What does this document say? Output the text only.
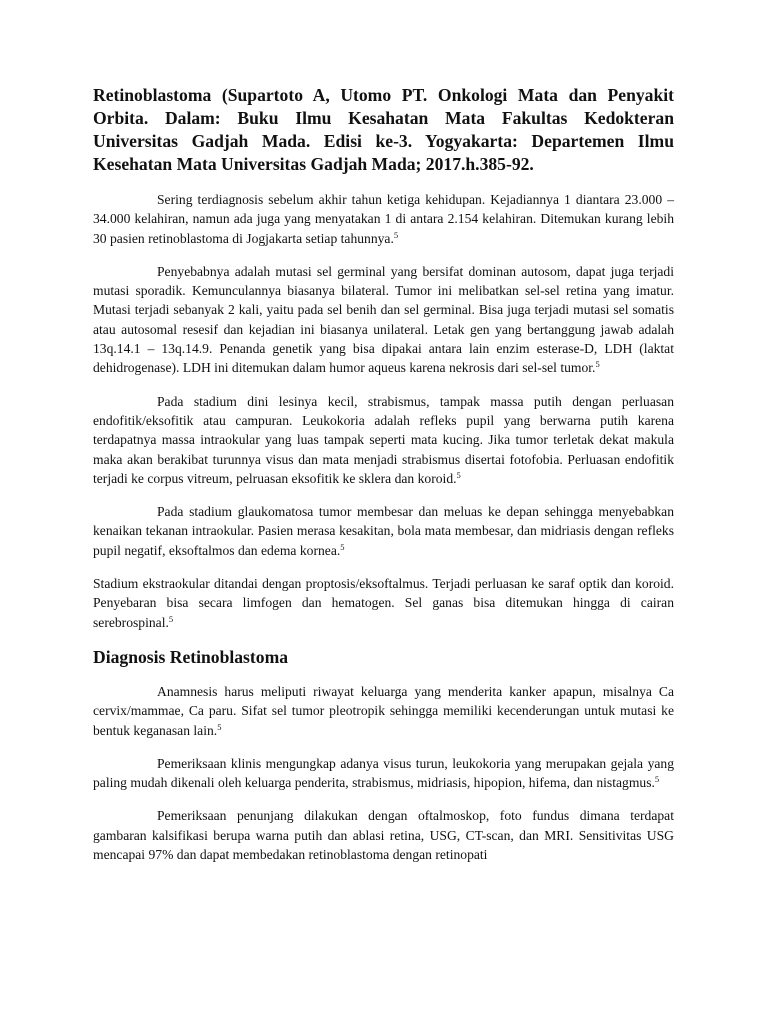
Retinoblastoma (Supartoto A, Utomo PT. Onkologi Mata dan Penyakit Orbita. Dalam: Buku Ilmu Kesahatan Mata Fakultas Kedokteran Universitas Gadjah Mada. Edisi ke-3. Yogyakarta: Departemen Ilmu Kesehatan Mata Universitas Gadjah Mada; 2017.h.385-92.

Sering terdiagnosis sebelum akhir tahun ketiga kehidupan. Kejadiannya 1 diantara 23.000 – 34.000 kelahiran, namun ada juga yang menyatakan 1 di antara 2.154 kelahiran. Ditemukan kurang lebih 30 pasien retinoblastoma di Jogjakarta setiap tahunnya.$^5$

Penyebabnya adalah mutasi sel germinal yang bersifat dominan autosom, dapat juga terjadi mutasi sporadik. Kemunculannya biasanya bilateral. Tumor ini melibatkan sel-sel retina yang imatur. Mutasi terjadi sebanyak 2 kali, yaitu pada sel benih dan sel germinal. Bisa juga terjadi mutasi sel somatis atau autosomal resesif dan kejadian ini biasanya unilateral. Letak gen yang bertanggung jawab adalah 13q.14.1 – 13q.14.9. Penanda genetik yang bisa dipakai antara lain enzim esterase-D, LDH (laktat dehidrogenase). LDH ini ditemukan dalam humor aqueus karena nekrosis dari sel-sel tumor.$^5$

Pada stadium dini lesinya kecil, strabismus, tampak massa putih dengan perluasan endofitik/eksofitik atau campuran. Leukokoria adalah refleks pupil yang berwarna putih karena terdapatnya massa intraokular yang luas tampak seperti mata kucing. Jika tumor terletak dekat makula maka akan berakibat turunnya visus dan mata menjadi strabismus disertai fotofobia. Perluasan endofitik terjadi ke corpus vitreum, pelruasan eksofitik ke sklera dan koroid.$^5$

Pada stadium glaukomatosa tumor membesar dan meluas ke depan sehingga menyebabkan kenaikan tekanan intraokular. Pasien merasa kesakitan, bola mata membesar, dan midriasis dengan refleks pupil negatif, eksoftalmos dan edema kornea.$^5$

Stadium ekstraokular ditandai dengan proptosis/eksoftalmus. Terjadi perluasan ke saraf optik dan koroid. Penyebaran bisa secara limfogen dan hematogen. Sel ganas bisa ditemukan hingga di cairan serebrospinal.$^5$

Diagnosis Retinoblastoma

Anamnesis harus meliputi riwayat keluarga yang menderita kanker apapun, misalnya Ca cervix/mammae, Ca paru. Sifat sel tumor pleotropik sehingga memiliki kecenderungan untuk mutasi ke bentuk keganasan lain.$^5$

Pemeriksaan klinis mengungkap adanya visus turun, leukokoria yang merupakan gejala yang paling mudah dikenali oleh keluarga penderita, strabismus, midriasis, hipopion, hifema, dan nistagmus.$^5$

Pemeriksaan penunjang dilakukan dengan oftalmoskop, foto fundus dimana terdapat gambaran kalsifikasi berupa warna putih dan ablasi retina, USG, CT-scan, dan MRI. Sensitivitas USG mencapai 97% dan dapat membedakan retinoblastoma dengan retinopati
